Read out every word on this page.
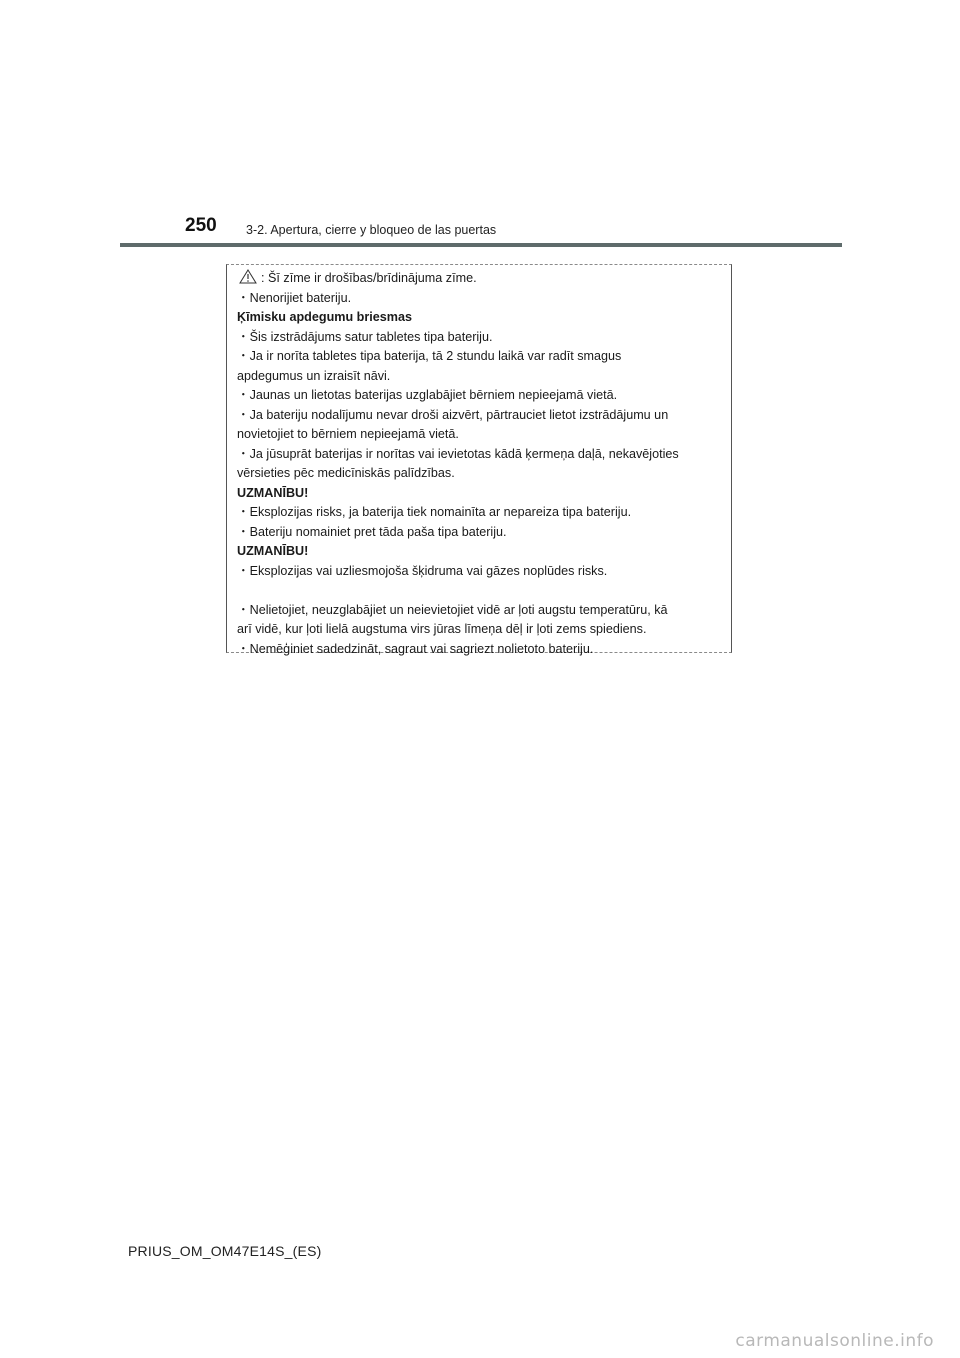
250 3-2. Apertura, cierre y bloqueo de las puertas
: Šī zīme ir drošības/brīdinājuma zīme.
・Nenorijiet bateriju.
Ķīmisku apdegumu briesmas
・Šis izstrādājums satur tabletes tipa bateriju.
・Ja ir norīta tabletes tipa baterija, tā 2 stundu laikā var radīt smagus
apdegumus un izraisīt nāvi.
・Jaunas un lietotas baterijas uzglabājiet bērniem nepieejamā vietā.
・Ja bateriju nodalījumu nevar droši aizvērt, pārtrauciet lietot izstrādājumu un
novietojiet to bērniem nepieejamā vietā.
・Ja jūsuprāt baterijas ir norītas vai ievietotas kādā ķermeņa daļā, nekavējoties
vērsieties pēc medicīniskās palīdzības.
UZMANĪBU!
・Eksplozijas risks, ja baterija tiek nomainīta ar nepareiza tipa bateriju.
・Bateriju nomainiet pret tāda paša tipa bateriju.
UZMANĪBU!
・Eksplozijas vai uzliesmojoša šķidruma vai gāzes noplūdes risks.
・Nelietojiet, neuzglabājiet un neievietojiet vidē ar ļoti augstu temperatūru, kā
arī vidē, kur ļoti lielā augstuma virs jūras līmeņa dēļ ir ļoti zems spiediens.
・Nemēģiniet sadedzināt, sagraut vai sagriezt nolietoto bateriju.
PRIUS_OM_OM47E14S_(ES)
carmanualsonline.info
